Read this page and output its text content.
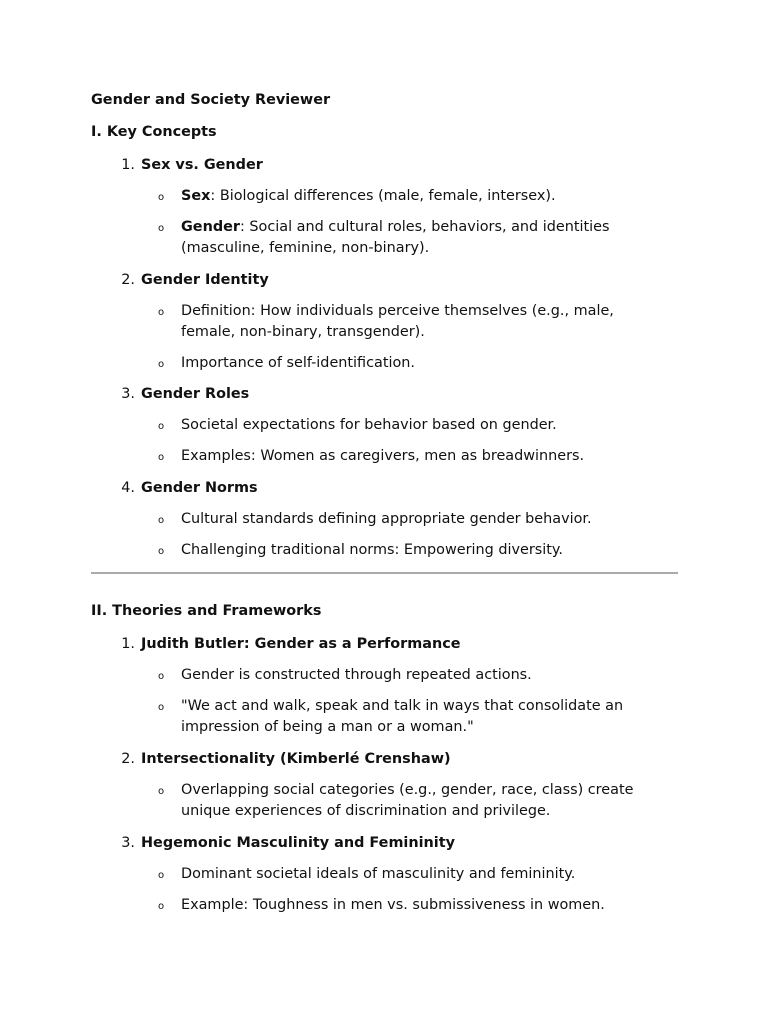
Gender and Society Reviewer
I. Key Concepts
1 . Sex vs. Gender
o Sex: Biological differences (male, female, intersex).
o Gender: Social and cultural roles, behaviors, and identities (masculine, feminine, non-binary).
2 . Gender Identity
o Definition: How individuals perceive themselves (e.g., male, female, non-binary, transgender).
o Importance of self-identification.
3 . Gender Roles
o Societal expectations for behavior based on gender.
o Examples: Women as caregivers, men as breadwinners.
4 . Gender Norms
o Cultural standards defining appropriate gender behavior.
o Challenging traditional norms: Empowering diversity.
II. Theories and Frameworks
1 . Judith Butler: Gender as a Performance
o Gender is constructed through repeated actions.
o "We act and walk, speak and talk in ways that consolidate an impression of being a man or a woman."
2 . Intersectionality (Kimberlé Crenshaw)
o Overlapping social categories (e.g., gender, race, class) create unique experiences of discrimination and privilege.
3 . Hegemonic Masculinity and Femininity
o Dominant societal ideals of masculinity and femininity.
o Example: Toughness in men vs. submissiveness in women.
